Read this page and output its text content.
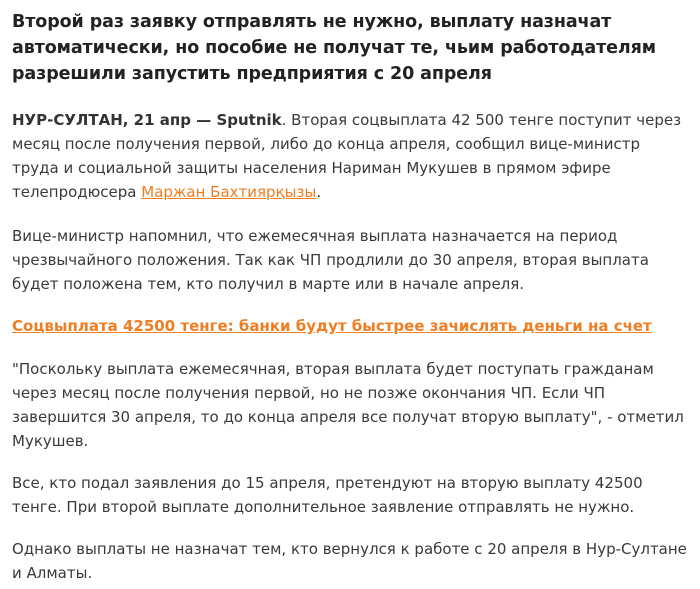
Второй раз заявку отправлять не нужно, выплату назначат автоматически, но пособие не получат те, чьим работодателям разрешили запустить предприятия с 20 апреля

НУР-СУЛТАН, 21 апр — Sputnik. Вторая соцвыплата 42 500 тенге поступит через месяц после получения первой, либо до конца апреля, сообщил вице-министр труда и социальной защиты населения Нариман Мукушев в прямом эфире телепродюсера Маржан Бахтиярқызы.

Вице-министр напомнил, что ежемесячная выплата назначается на период чрезвычайного положения. Так как ЧП продлили до 30 апреля, вторая выплата будет положена тем, кто получил в марте или в начале апреля.

Соцвыплата 42500 тенге: банки будут быстрее зачислять деньги на счет

"Поскольку выплата ежемесячная, вторая выплата будет поступать гражданам через месяц после получения первой, но не позже окончания ЧП. Если ЧП завершится 30 апреля, то до конца апреля все получат вторую выплату", - отметил Мукушев.

Все, кто подал заявления до 15 апреля, претендуют на вторую выплату 42500 тенге. При второй выплате дополнительное заявление отправлять не нужно.

Однако выплаты не назначат тем, кто вернулся к работе с 20 апреля в Нур-Султане и Алматы.
